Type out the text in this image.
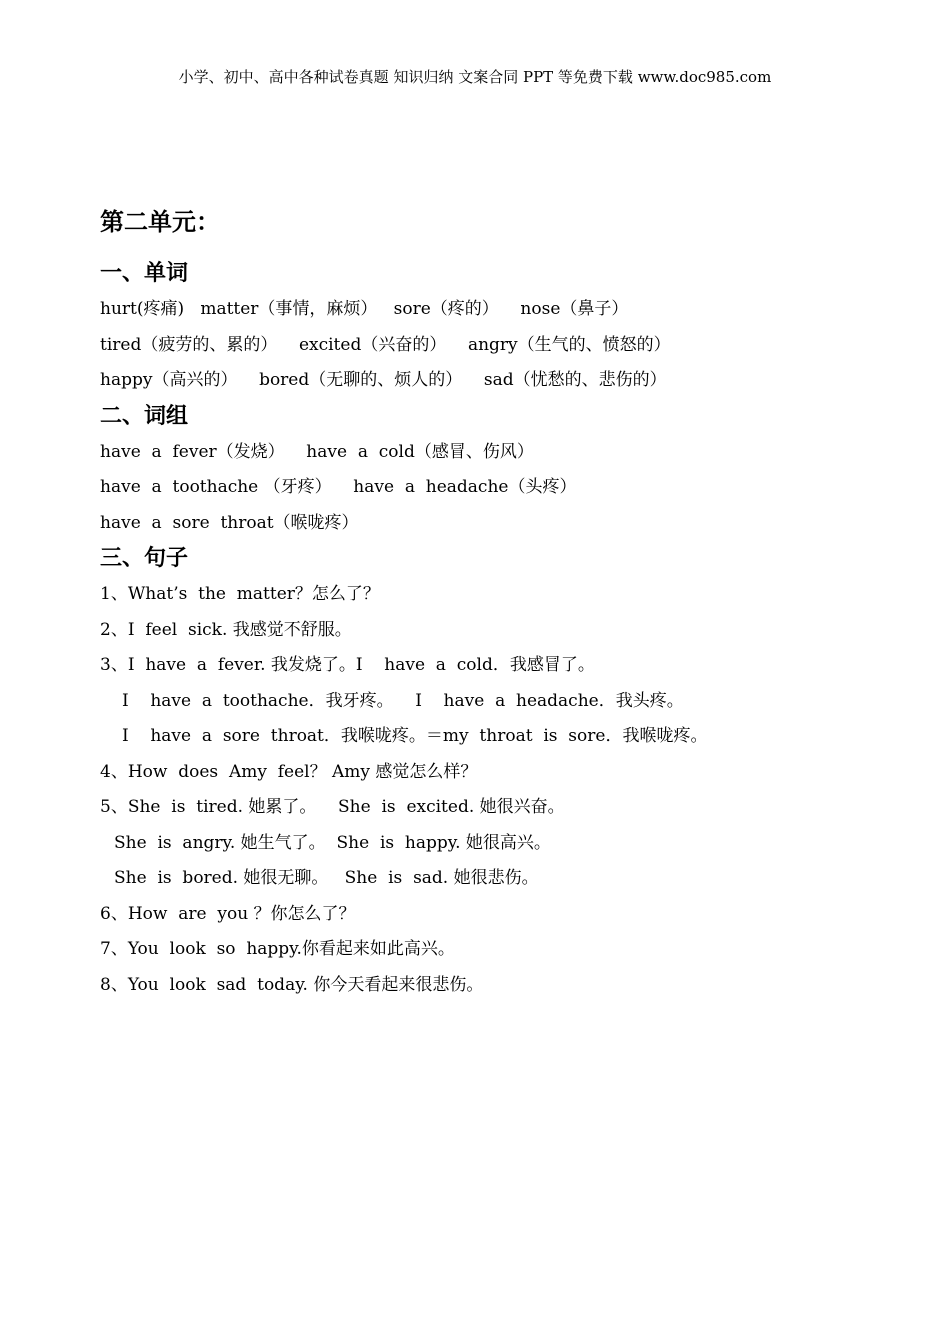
小学、初中、高中各种试卷真题 知识归纳 文案合同 PPT 等免费下载 www.doc985.com
第二单元：
一、单词
hurt(疼痛)   matter（事情，麻烦）   sore（疼的）    nose（鼻子）
tired（疲劳的、累的）    excited（兴奋的）    angry（生气的、愤怒的）
happy（高兴的）    bored（无聊的、烦人的）    sad（忧愁的、悲伤的）
二、词组
have  a  fever（发烧）    have  a  cold（感冒、伤风）
have  a  toothache （牙疼）    have  a  headache（头疼）
have  a  sore  throat（喉咙疼）
三、句子
1、What’s  the  matter？怎么了？
2、I  feel  sick. 我感觉不舒服。
3、I  have  a  fever. 我发烧了。I    have  a  cold．我感冒了。
I    have  a  toothache．我牙疼。    I    have  a  headache．我头疼。
I    have  a  sore  throat．我喉咙疼。＝my  throat  is  sore．我喉咙疼。
4、How  does  Amy  feel？ Amy 感觉怎么样？
5、She  is  tired. 她累了。    She  is  excited. 她很兴奋。
She  is  angry. 她生气了。  She  is  happy. 她很高兴。
She  is  bored. 她很无聊。   She  is  sad. 她很悲伤。
6、How  are  you ？你怎么了？
7、You  look  so  happy.你看起来如此高兴。
8、You  look  sad  today. 你今天看起来很悲伤。
